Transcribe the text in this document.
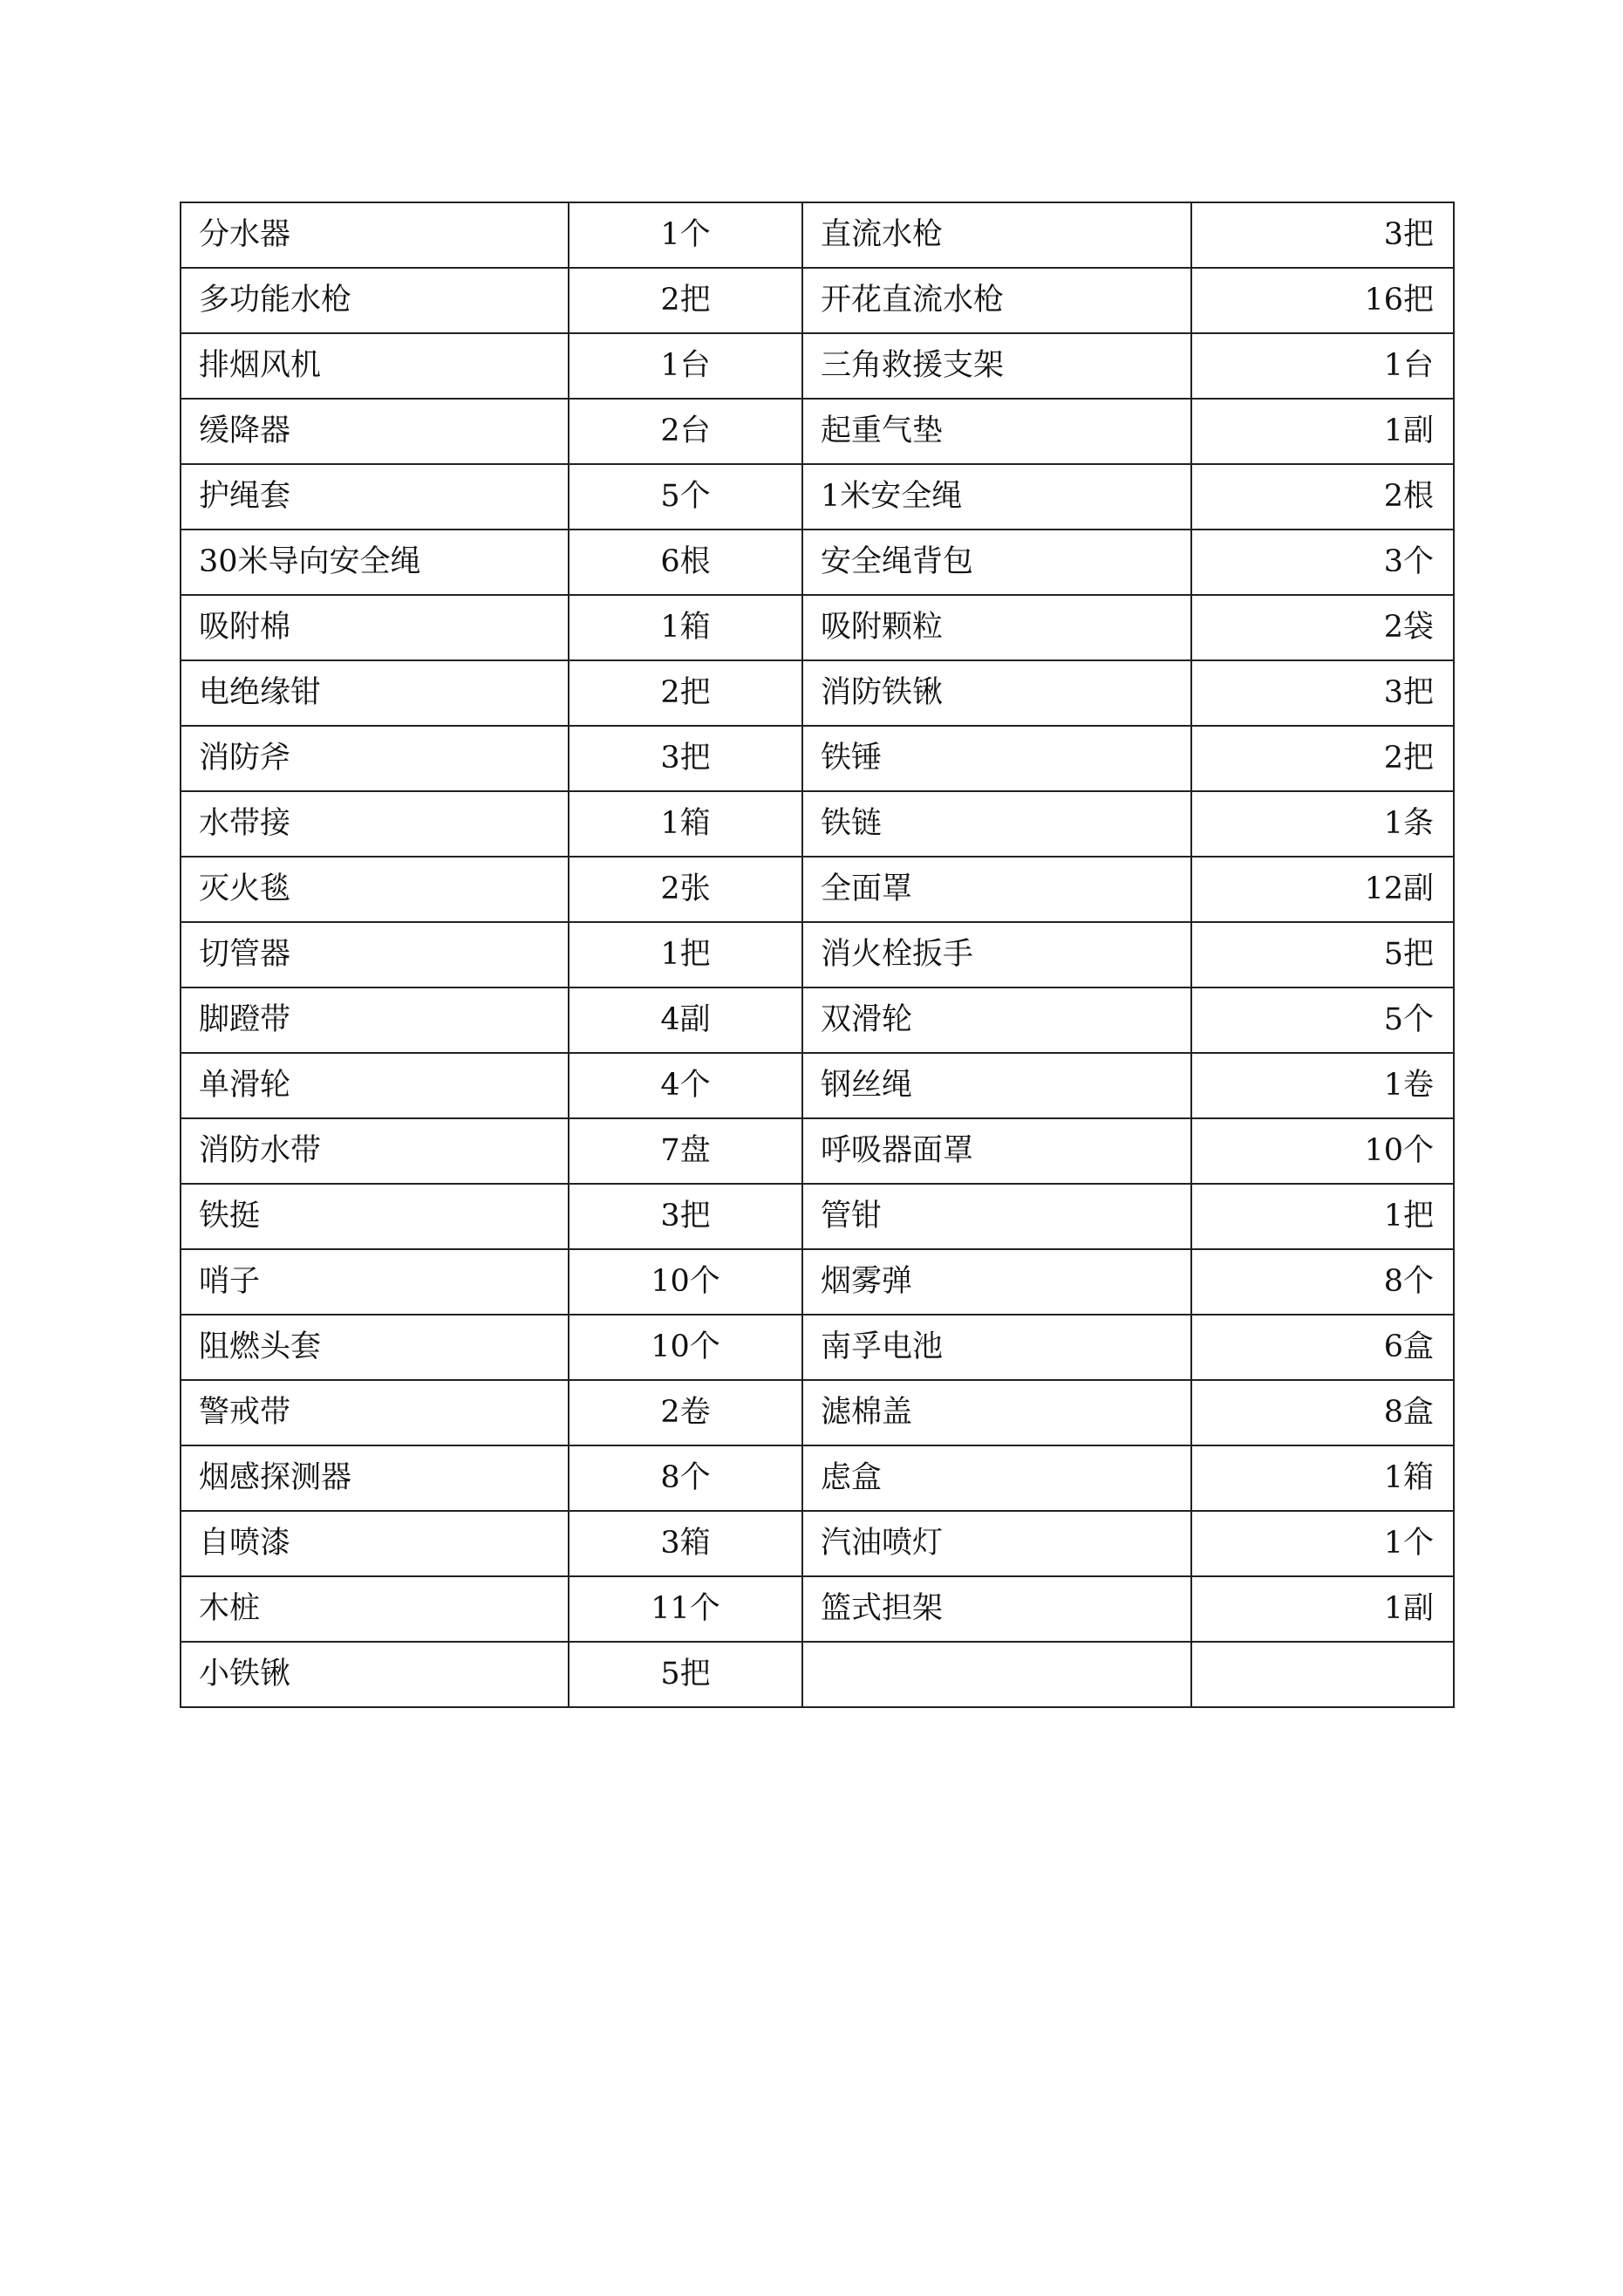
分水器	1个	直流水枪	3把
多功能水枪	2把	开花直流水枪	16把
排烟风机	1台	三角救援支架	1台
缓降器	2台	起重气垫	1副
护绳套	5个	1米安全绳	2根
30米导向安全绳	6根	安全绳背包	3个
吸附棉	1箱	吸附颗粒	2袋
电绝缘钳	2把	消防铁锹	3把
消防斧	3把	铁锤	2把
水带接	1箱	铁链	1条
灭火毯	2张	全面罩	12副
切管器	1把	消火栓扳手	5把
脚蹬带	4副	双滑轮	5个
单滑轮	4个	钢丝绳	1卷
消防水带	7盘	呼吸器面罩	10个
铁挺	3把	管钳	1把
哨子	10个	烟雾弹	8个
阻燃头套	10个	南孚电池	6盒
警戒带	2卷	滤棉盖	8盒
烟感探测器	8个	虑盒	1箱
自喷漆	3箱	汽油喷灯	1个
木桩	11个	篮式担架	1副
小铁锹	5把		
